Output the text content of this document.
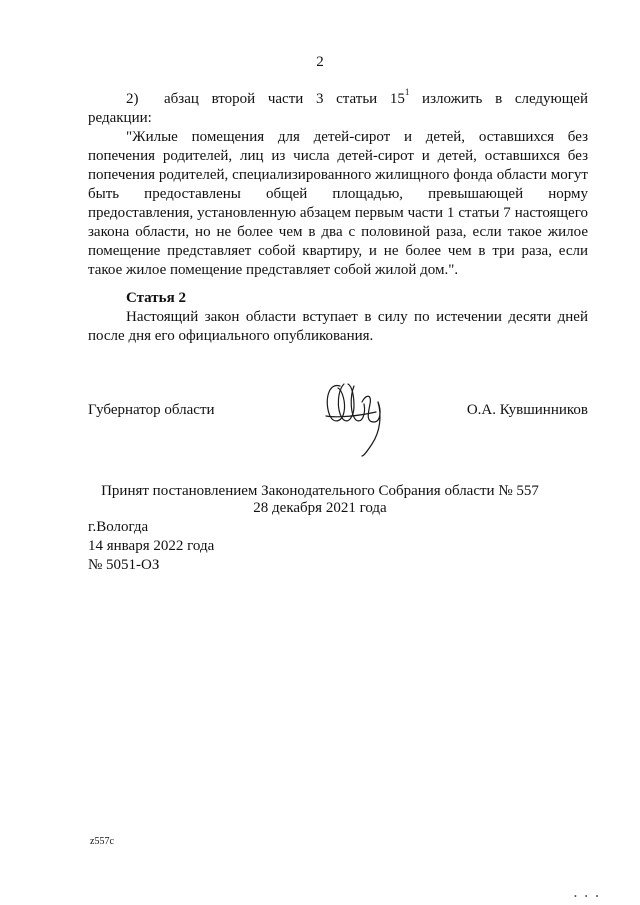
2
2) абзац второй части 3 статьи $15^1$ изложить в следующей
редакции:
"Жилые помещения для детей-сирот и детей, оставшихся без
попечения родителей, лиц из числа детей-сирот и детей, оставшихся без
попечения родителей, специализированного жилищного фонда области могут
быть предоставлены общей площадью, превышающей норму
предоставления, установленную абзацем первым части 1 статьи 7 настоящего
закона области, но не более чем в два с половиной раза, если такое жилое
помещение представляет собой квартиру, и не более чем в три раза, если
такое жилое помещение представляет собой жилой дом.".
Статья 2
Настоящий закон области вступает в силу по истечении десяти дней
после дня его официального опубликования.
Губернатор области	О.А. Кувшинников
Принят постановлением Законодательного Собрания области № 557
28 декабря 2021 года
г.Вологда
14 января 2022 года
№ 5051-ОЗ
z557c
• • •
